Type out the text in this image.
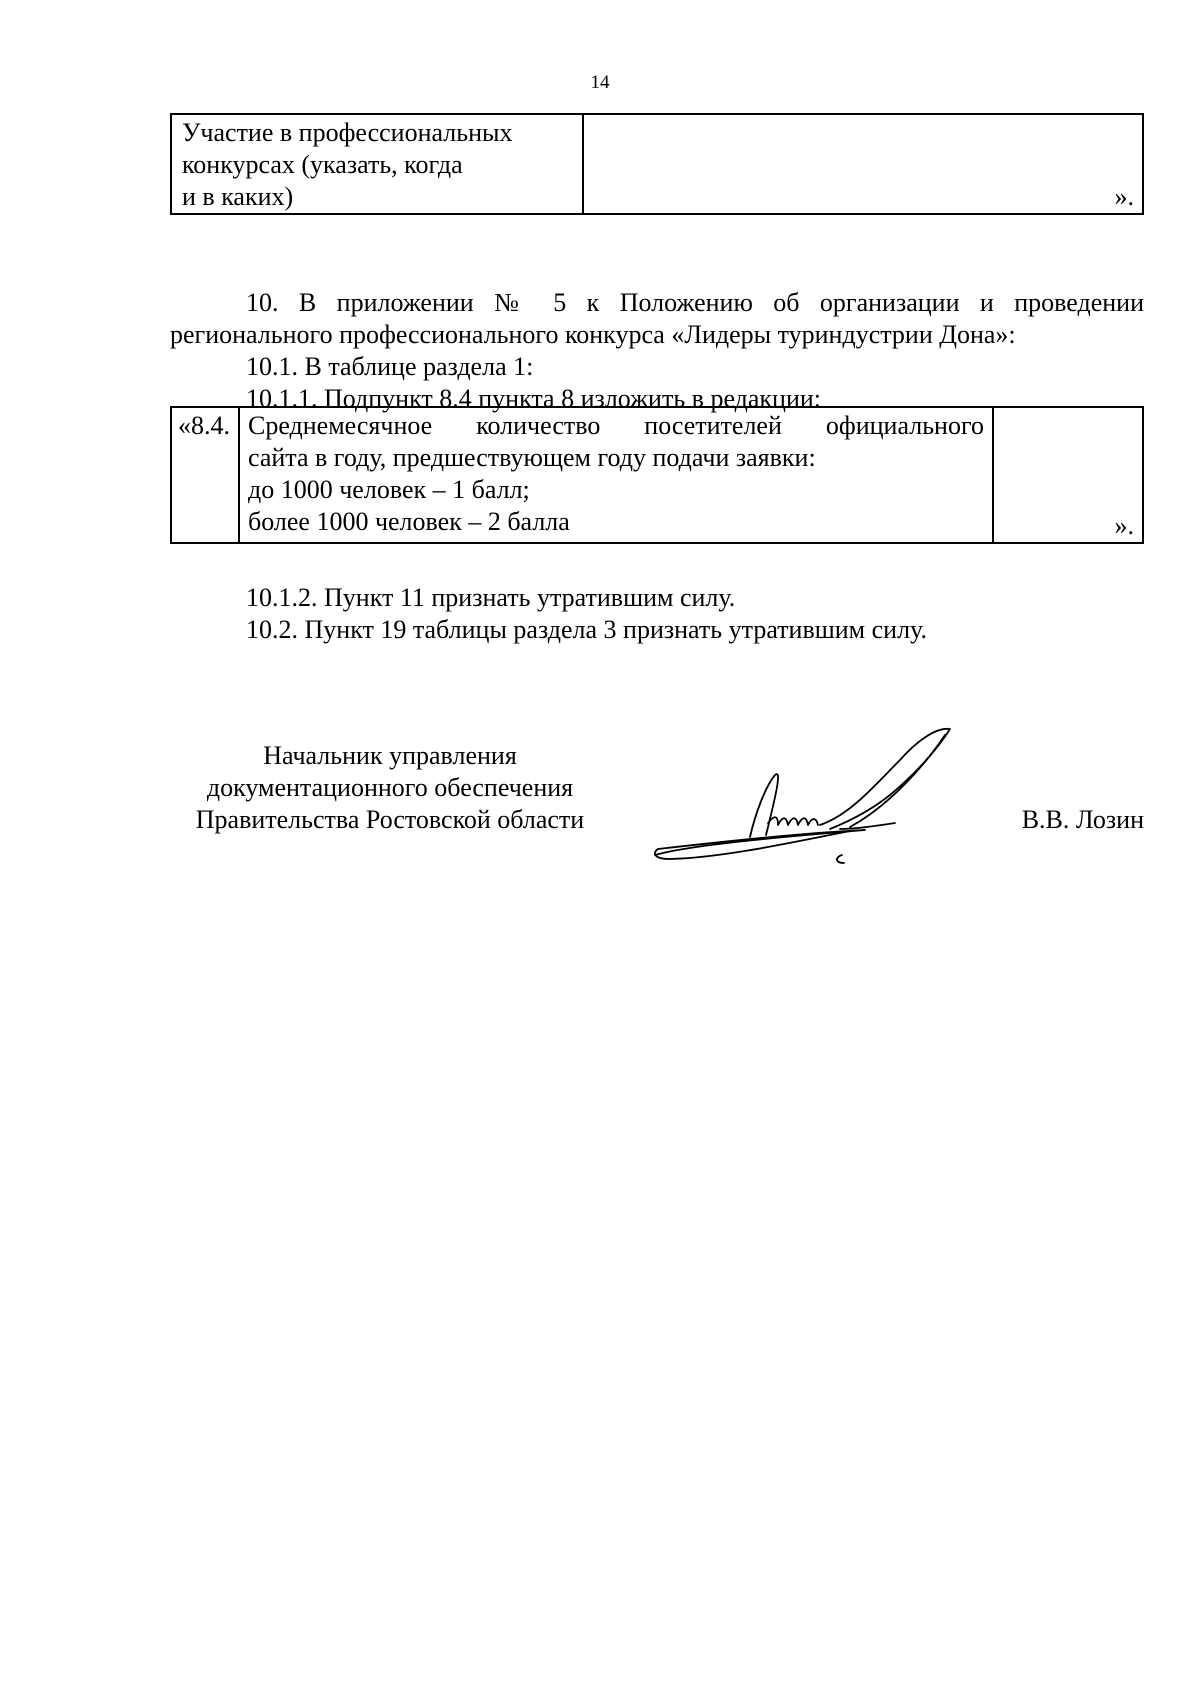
14
Участие в профессиональных
конкурсах (указать, когда
и в каких)	».

10. В приложении № 5 к Положению об организации и проведении

регионального профессионального конкурса «Лидеры туриндустрии Дона»:

10.1. В таблице раздела 1:

10.1.1. Подпункт 8.4 пункта 8 изложить в редакции:

«8.4.	Среднемесячное количество посетителей официального
сайта в году, предшествующем году подачи заявки:
до 1000 человек – 1 балл;
более 1000 человек – 2 балла	».

10.1.2. Пункт 11 признать утратившим силу.

10.2. Пункт 19 таблицы раздела 3 признать утратившим силу.

Начальник управления
документационного обеспечения
Правительства Ростовской области	В.В. Лозин
